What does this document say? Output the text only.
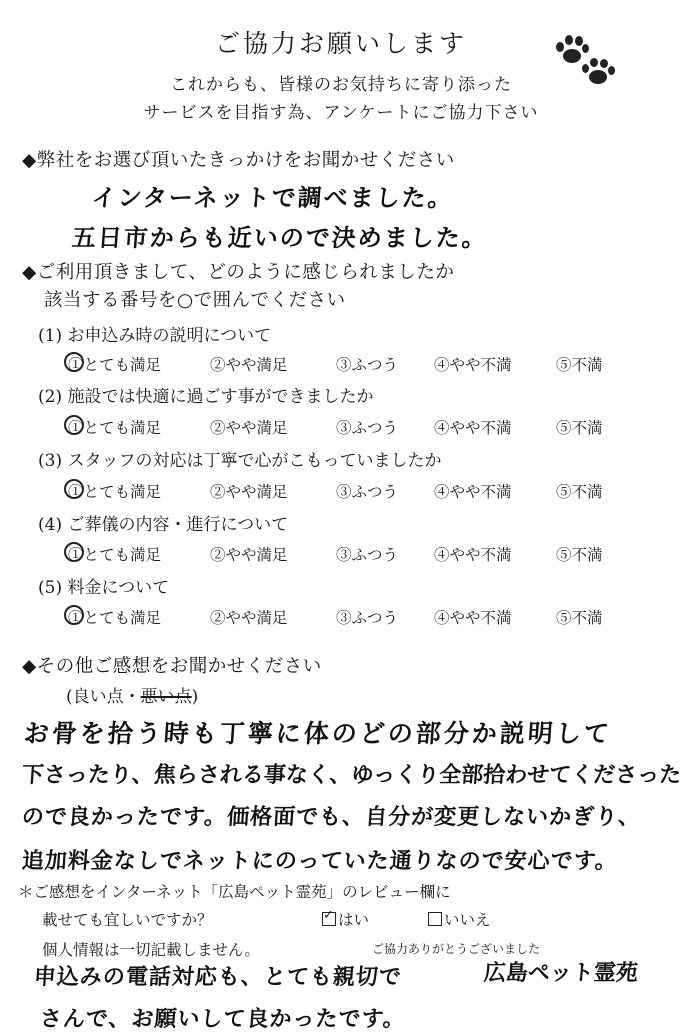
ご協力お願いします
これからも、皆様のお気持ちに寄り添った
サービスを目指す為、アンケートにご協力下さい
◆弊社をお選び頂いたきっかけをお聞かせください
インターネットで調べました。
五日市からも近いので決めました。
◆ご利用頂きまして、どのように感じられましたか
該当する番号を○で囲んでください
(1) お申込み時の説明について
①とても満足	②やや満足	③ふつう	④やや不満	⑤不満
(2) 施設では快適に過ごす事ができましたか
①とても満足	②やや満足	③ふつう	④やや不満	⑤不満
(3) スタッフの対応は丁寧で心がこもっていましたか
①とても満足	②やや満足	③ふつう	④やや不満	⑤不満
(4) ご葬儀の内容・進行について
①とても満足	②やや満足	③ふつう	④やや不満	⑤不満
(5) 料金について
①とても満足	②やや満足	③ふつう	④やや不満	⑤不満
◆その他ご感想をお聞かせください
(良い点・悪い点)
お骨を拾う時も丁寧に体のどの部分か説明して
下さったり、焦らされる事なく、ゆっくり全部拾わせてくださった
ので良かったです。価格面でも、自分が変更しないかぎり、
追加料金なしでネットにのっていた通りなので安心です。
＊ご感想をインターネット「広島ペット霊苑」のレビュー欄に
載せても宜しいですか？
✓	はい	いいえ
個人情報は一切記載しません。	ご協力ありがとうございました
申込みの電話対応も、とても親切で	広島ペット霊苑
さんで、お願いして良かったです。
